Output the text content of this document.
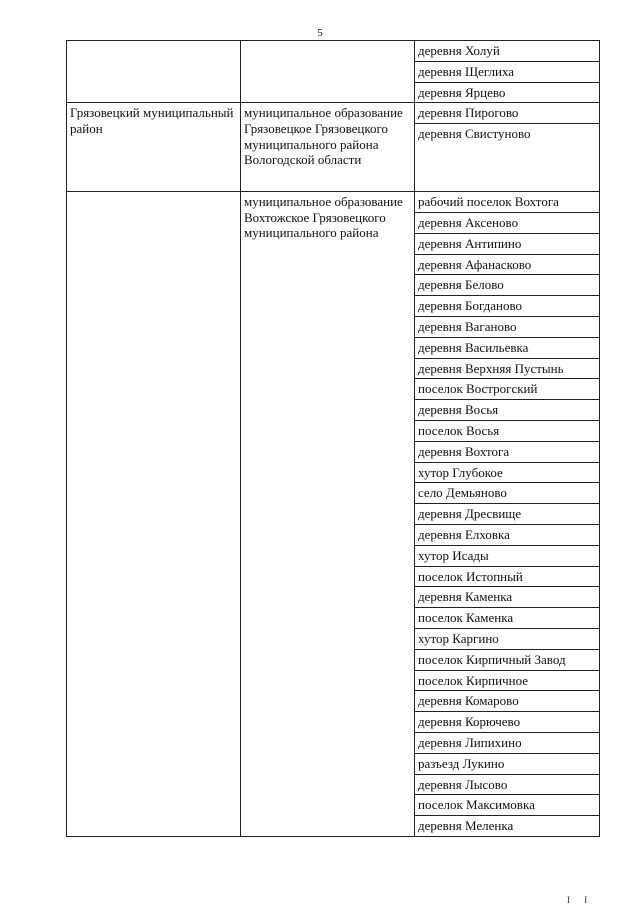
5
		деревня Холуй
		деревня Щеглиха
		деревня Ярцево
Грязовецкий муниципальный район	муниципальное образование Грязовецкое Грязовецкого муниципального района Вологодской области	деревня Пирогово
		деревня Свистуново
	муниципальное образование Вохтожское Грязовецкого муниципального района	рабочий поселок Вохтога
		деревня Аксеново
		деревня Антипино
		деревня Афанасково
		деревня Белово
		деревня Богданово
		деревня Ваганово
		деревня Васильевка
		деревня Верхняя Пустынь
		поселок Вострогский
		деревня Восья
		поселок Восья
		деревня Вохтога
		хутор Глубокое
		село Демьяново
		деревня Дресвище
		деревня Елховка
		хутор Исады
		поселок Истопный
		деревня Каменка
		поселок Каменка
		хутор Каргино
		поселок Кирпичный Завод
		поселок Кирпичное
		деревня Комарово
		деревня Корючево
		деревня Липихино
		разъезд Лукино
		деревня Лысово
		поселок Максимовка
		деревня Меленка
I I
